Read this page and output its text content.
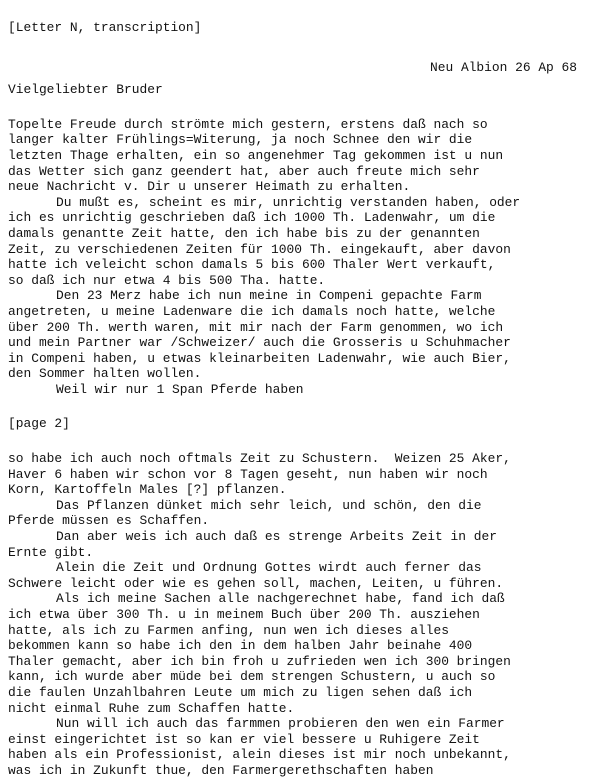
[Letter N, transcription]
Neu Albion 26 Ap 68
Vielgeliebter Bruder
Topelte Freude durch strömte mich gestern, erstens daß nach so
langer kalter Frühlings=Witerung, ja noch Schnee den wir die
letzten Thage erhalten, ein so angenehmer Tag gekommen ist u nun
das Wetter sich ganz geendert hat, aber auch freute mich sehr
neue Nachricht v. Dir u unserer Heimath zu erhalten.
Du mußt es, scheint es mir, unrichtig verstanden haben, oder
ich es unrichtig geschrieben daß ich 1000 Th. Ladenwahr, um die
damals genantte Zeit hatte, den ich habe bis zu der genannten
Zeit, zu verschiedenen Zeiten für 1000 Th. eingekauft, aber davon
hatte ich veleicht schon damals 5 bis 600 Thaler Wert verkauft,
so daß ich nur etwa 4 bis 500 Tha. hatte.
Den 23 Merz habe ich nun meine in Compeni gepachte Farm
angetreten, u meine Ladenware die ich damals noch hatte, welche
über 200 Th. werth waren, mit mir nach der Farm genommen, wo ich
und mein Partner war /Schweizer/ auch die Grosseris u Schuhmacher
in Compeni haben, u etwas kleinarbeiten Ladenwahr, wie auch Bier,
den Sommer halten wollen.
Weil wir nur 1 Span Pferde haben
[page 2]
so habe ich auch noch oftmals Zeit zu Schustern.  Weizen 25 Aker,
Haver 6 haben wir schon vor 8 Tagen geseht, nun haben wir noch
Korn, Kartoffeln Males [?] pflanzen.
Das Pflanzen dünket mich sehr leich, und schön, den die
Pferde müssen es Schaffen.
Dan aber weis ich auch daß es strenge Arbeits Zeit in der
Ernte gibt.
Alein die Zeit und Ordnung Gottes wirdt auch ferner das
Schwere leicht oder wie es gehen soll, machen, Leiten, u führen.
Als ich meine Sachen alle nachgerechnet habe, fand ich daß
ich etwa über 300 Th. u in meinem Buch über 200 Th. ausziehen
hatte, als ich zu Farmen anfing, nun wen ich dieses alles
bekommen kann so habe ich den in dem halben Jahr beinahe 400
Thaler gemacht, aber ich bin froh u zufrieden wen ich 300 bringen
kann, ich wurde aber müde bei dem strengen Schustern, u auch so
die faulen Unzahlbahren Leute um mich zu ligen sehen daß ich
nicht einmal Ruhe zum Schaffen hatte.
Nun will ich auch das farmmen probieren den wen ein Farmer
einst eingerichtet ist so kan er viel bessere u Ruhigere Zeit
haben als ein Professionist, alein dieses ist mir noch unbekannt,
was ich in Zukunft thue, den Farmergerethschaften haben
